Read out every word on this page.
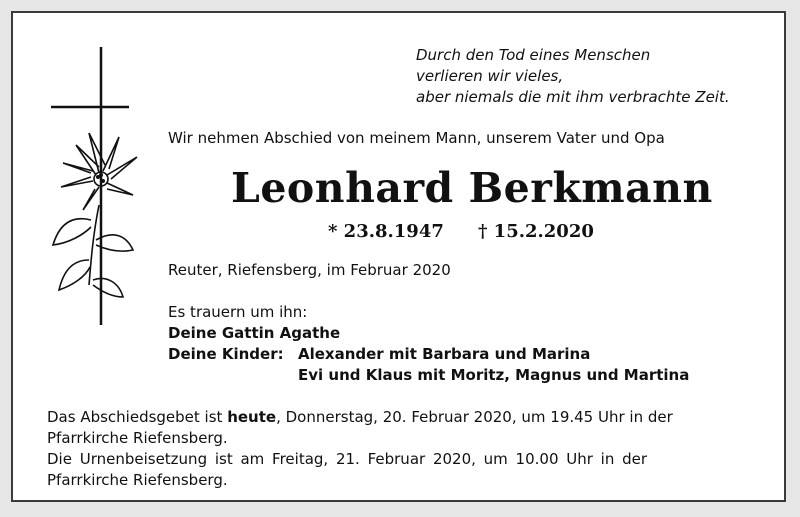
Durch den Tod eines Menschen
verlieren wir vieles,
aber niemals die mit ihm verbrachte Zeit.
Wir nehmen Abschied von meinem Mann, unserem Vater und Opa
Leonhard Berkmann
* 23.8.1947 † 15.2.2020
Reuter, Riefensberg, im Februar 2020
Es trauern um ihn:
Deine Gattin Agathe
Deine Kinder: Alexander mit Barbara und Marina
Evi und Klaus mit Moritz, Magnus und Martina
Das Abschiedsgebet ist heute, Donnerstag, 20. Februar 2020, um 19.45 Uhr in der
Pfarrkirche Riefensberg.
Die Urnenbeisetzung ist am Freitag, 21. Februar 2020, um 10.00 Uhr in der
Pfarrkirche Riefensberg.
